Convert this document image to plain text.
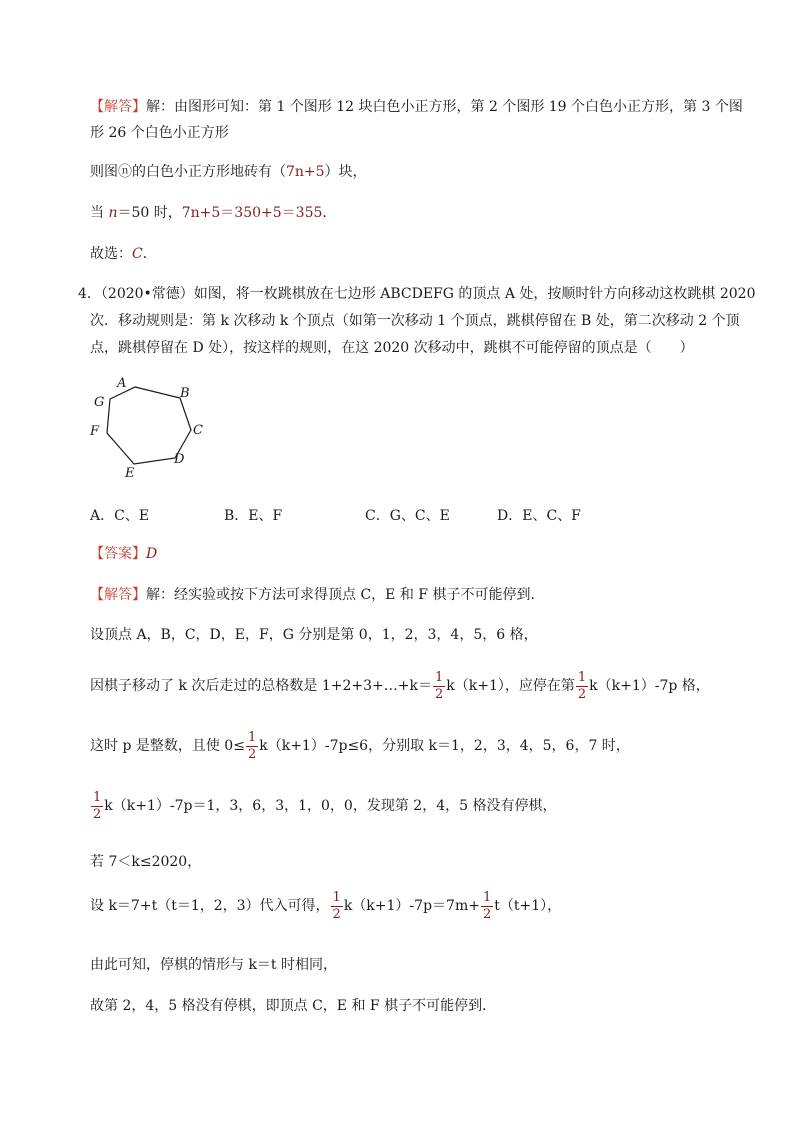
【解答】解：由图形可知：第 1 个图形 12 块白色小正方形，第 2 个图形 19 个白色小正方形，第 3 个图
形 26 个白色小正方形
则图ⓝ的白色小正方形地砖有（7n+5）块，
当 n＝50 时，7n+5＝350+5＝355．
故选：C．
4．（2020•常德）如图，将一枚跳棋放在七边形 ABCDEFG 的顶点 A 处，按顺时针方向移动这枚跳棋 2020
次．移动规则是：第 k 次移动 k 个顶点（如第一次移动 1 个顶点，跳棋停留在 B 处，第二次移动 2 个顶
点，跳棋停留在 D 处），按这样的规则，在这 2020 次移动中，跳棋不可能停留的顶点是（　　）
A
B
C
D
E
F
G
A．C、E	B．E、F	C．G、C、E	D．E、C、F
【答案】D
【解答】解：经实验或按下方法可求得顶点 C，E 和 F 棋子不可能停到．
设顶点 A，B，C，D，E，F，G 分别是第 0，1，2，3，4，5，6 格，
因棋子移动了 k 次后走过的总格数是 1+2+3+…+k＝ $\frac{1}{2} k(k+1)$，应停在第 $\frac{1}{2} k(k+1)-7p$ 格，
这时 p 是整数，且使 $0\le \frac{1}{2} k(k+1)-7p\le 6$，分别取 k＝1，2，3，4，5，6，7 时，
$\frac{1}{2} k(k+1)-7p=1$，3，6，3，1，0，0，发现第 2，4，5 格没有停棋，
若 7＜k≤2020，
设 k＝7+t（t＝1，2，3）代入可得， $\frac{1}{2} k(k+1)-7p=7m+ \frac{1}{2} t(t+1)$，
由此可知，停棋的情形与 k＝t 时相同，
故第 2，4，5 格没有停棋，即顶点 C，E 和 F 棋子不可能停到．
